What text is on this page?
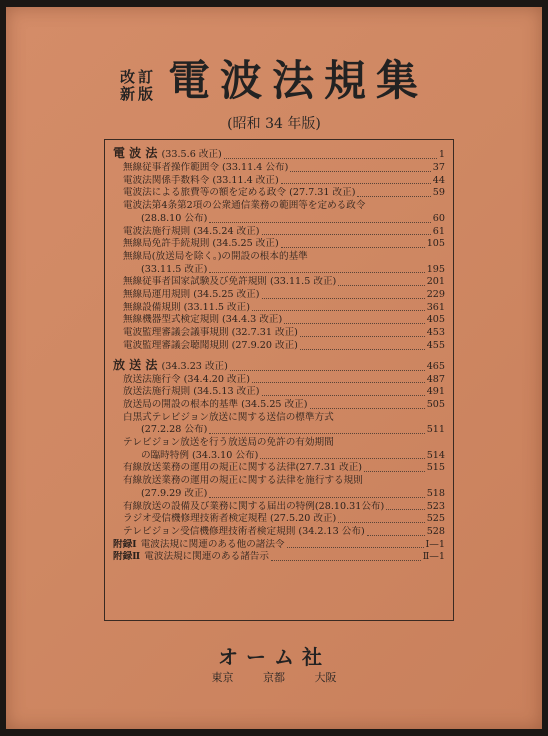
改訂
新版 電波法規集
(昭和 34 年版)
電 波 法 (33.5.6 改正)	1
無線従事者操作範囲令 (33.11.4 公布)	37
電波法関係手数料令 (33.11.4 改正)	44
電波法による旅費等の額を定める政令 (27.7.31 改正)	59
電波法第4条第2項の公衆通信業務の範囲等を定める政令
(28.8.10 公布)	60
電波法施行規則 (34.5.24 改正)	61
無線局免許手続規則 (34.5.25 改正)	105
無線局(放送局を除く。)の開設の根本的基準
(33.11.5 改正)	195
無線従事者国家試験及び免許規則 (33.11.5 改正)	201
無線局運用規則 (34.5.25 改正)	229
無線設備規則 (33.11.5 改正)	361
無線機器型式検定規則 (34.4.3 改正)	405
電波監理審議会議事規則 (32.7.31 改正)	453
電波監理審議会聴聞規則 (27.9.20 改正)	455
放 送 法 (34.3.23 改正)	465
放送法施行令 (34.4.20 改正)	487
放送法施行規則 (34.5.13 改正)	491
放送局の開設の根本的基準 (34.5.25 改正)	505
白黒式テレビジョン放送に関する送信の標準方式
(27.2.28 公布)	511
テレビジョン放送を行う放送局の免許の有効期間
の臨時特例 (34.3.10 公布)	514
有線放送業務の運用の規正に関する法律(27.7.31 改正)	515
有線放送業務の運用の規正に関する法律を施行する規則
(27.9.29 改正)	518
有線放送の設備及び業務に関する届出の特例(28.10.31公布)	523
ラジオ受信機修理技術者検定規程 (27.5.20 改正)	525
テレビジョン受信機修理技術者検定規則 (34.2.13 公布)	528
附録Ⅰ 電波法規に関連のある他の諸法令	Ⅰ—1
附録Ⅱ 電波法規に関連のある諸告示	Ⅱ—1
オーム社
東京	京都	大阪
